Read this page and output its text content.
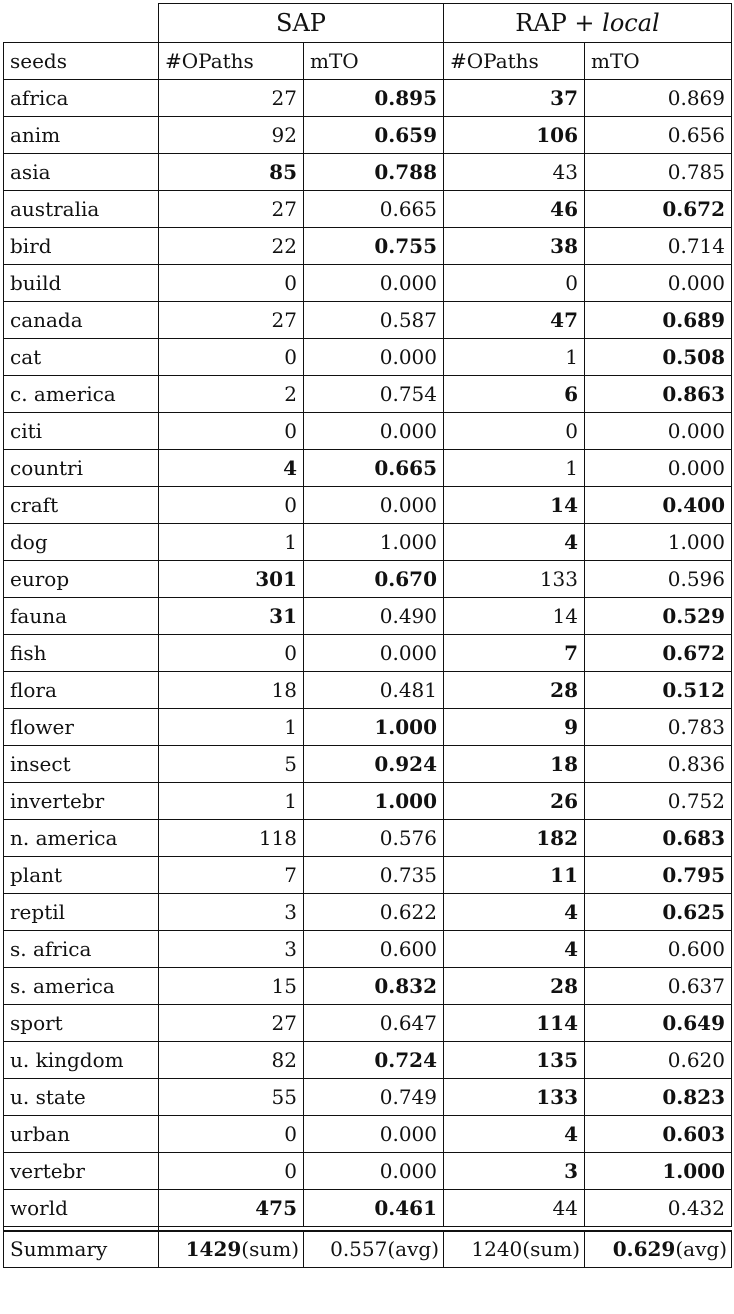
	SAP		RAP + local	
seeds	#OPaths	mTO	#OPaths	mTO
africa	27	0.895	37	0.869
anim	92	0.659	106	0.656
asia	85	0.788	43	0.785
australia	27	0.665	46	0.672
bird	22	0.755	38	0.714
build	0	0.000	0	0.000
canada	27	0.587	47	0.689
cat	0	0.000	1	0.508
c. america	2	0.754	6	0.863
citi	0	0.000	0	0.000
countri	4	0.665	1	0.000
craft	0	0.000	14	0.400
dog	1	1.000	4	1.000
europ	301	0.670	133	0.596
fauna	31	0.490	14	0.529
fish	0	0.000	7	0.672
flora	18	0.481	28	0.512
flower	1	1.000	9	0.783
insect	5	0.924	18	0.836
invertebr	1	1.000	26	0.752
n. america	118	0.576	182	0.683
plant	7	0.735	11	0.795
reptil	3	0.622	4	0.625
s. africa	3	0.600	4	0.600
s. america	15	0.832	28	0.637
sport	27	0.647	114	0.649
u. kingdom	82	0.724	135	0.620
u. state	55	0.749	133	0.823
urban	0	0.000	4	0.603
vertebr	0	0.000	3	1.000
world	475	0.461	44	0.432

Summary	1429(sum)	0.557(avg)	1240(sum)	0.629(avg)
